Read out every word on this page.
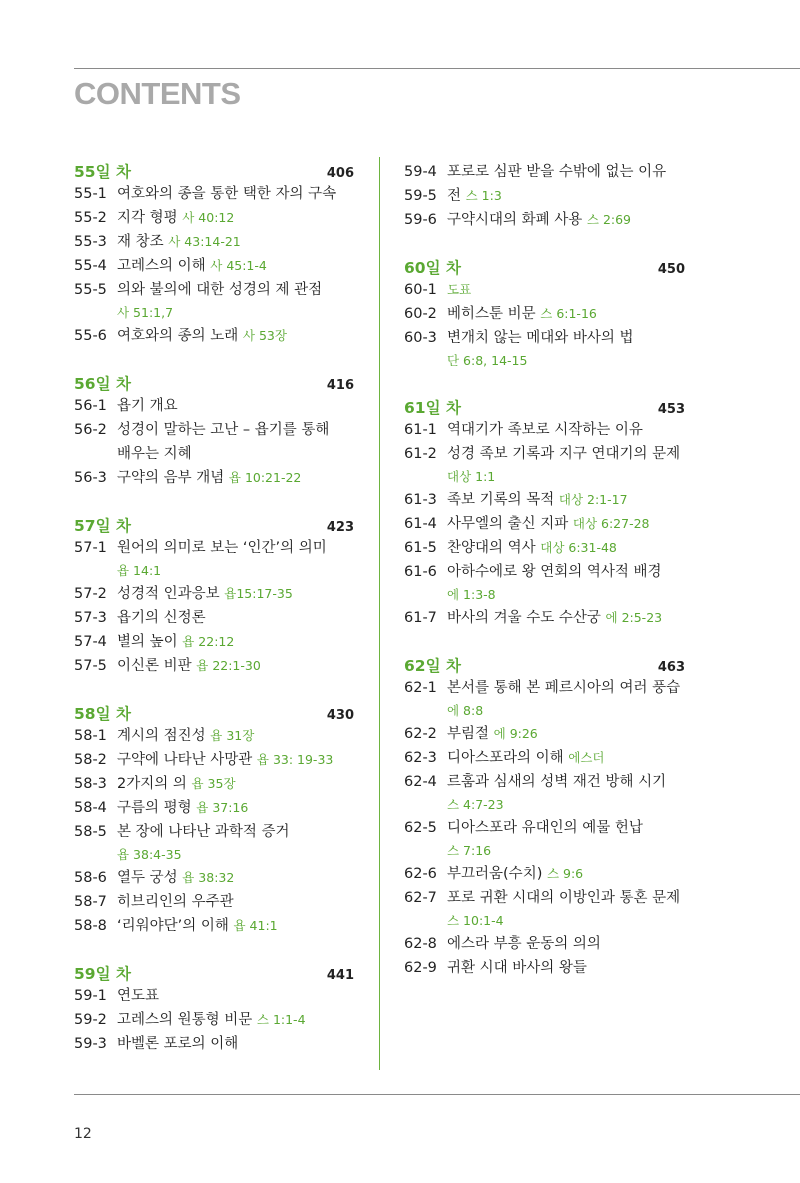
CONTENTS
55일 차	406
55-1 여호와의 종을 통한 택한 자의 구속
55-2 지각 형평 사 40:12
55-3 재 창조 사 43:14-21
55-4 고레스의 이해 사 45:1-4
55-5 의와 불의에 대한 성경의 제 관점
사 51:1,7
55-6 여호와의 종의 노래 사 53장
56일 차	416
56-1 욥기 개요
56-2 성경이 말하는 고난 – 욥기를 통해
배우는 지혜
56-3 구약의 음부 개념 욥 10:21-22
57일 차	423
57-1 원어의 의미로 보는 ‘인간’의 의미
욥 14:1
57-2 성경적 인과응보 욥15:17-35
57-3 욥기의 신정론
57-4 별의 높이 욥 22:12
57-5 이신론 비판 욥 22:1-30
58일 차	430
58-1 계시의 점진성 욥 31장
58-2 구약에 나타난 사망관 욥 33: 19-33
58-3 2가지의 의 욥 35장
58-4 구름의 평형 욥 37:16
58-5 본 장에 나타난 과학적 증거
욥 38:4-35
58-6 열두 궁성 욥 38:32
58-7 히브리인의 우주관
58-8 ‘리워야단’의 이해 욥 41:1
59일 차	441
59-1 연도표
59-2 고레스의 원통형 비문 스 1:1-4
59-3 바벨론 포로의 이해
59-4 포로로 심판 받을 수밖에 없는 이유
59-5 전 스 1:3
59-6 구약시대의 화폐 사용 스 2:69
60일 차	450
60-1 도표
60-2 베히스툰 비문 스 6:1-16
60-3 변개치 않는 메대와 바사의 법
단 6:8, 14-15
61일 차	453
61-1 역대기가 족보로 시작하는 이유
61-2 성경 족보 기록과 지구 연대기의 문제
대상 1:1
61-3 족보 기록의 목적 대상 2:1-17
61-4 사무엘의 출신 지파 대상 6:27-28
61-5 찬양대의 역사 대상 6:31-48
61-6 아하수에로 왕 연회의 역사적 배경
에 1:3-8
61-7 바사의 겨울 수도 수산궁 에 2:5-23
62일 차	463
62-1 본서를 통해 본 페르시아의 여러 풍습
에 8:8
62-2 부림절 에 9:26
62-3 디아스포라의 이해 에스더
62-4 르훔과 심새의 성벽 재건 방해 시기
스 4:7-23
62-5 디아스포라 유대인의 예물 헌납
스 7:16
62-6 부끄러움(수치) 스 9:6
62-7 포로 귀환 시대의 이방인과 통혼 문제
스 10:1-4
62-8 에스라 부흥 운동의 의의
62-9 귀환 시대 바사의 왕들
12
